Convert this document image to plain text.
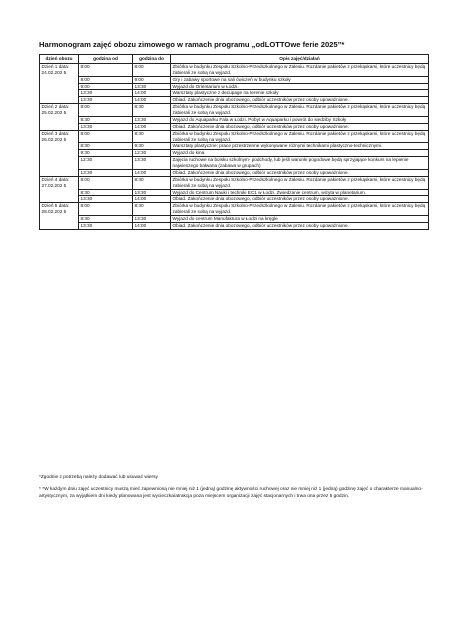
Harmonogram zajęć obozu zimowego w ramach programu „odLOTTOwe ferie 2025”*
dzień obozu	godzina od	godzina do	Opis zajęć/działań
Dzień 1 data: 24.02.202 5	8:00	8:00	Zbiórka w budynku Zespołu Szkolno-Przedszkolnego w Zalesiu. Rozdanie pakietów z przekąskami, które uczestnicy będą zabierali ze sobą na wyjazd.
	8:00	9:00	Gry i zabawy sportowe na sali ćwiczeń w budynku szkoły
	9:00	13:30	Wyjazd do Orientarium w Łodzi.
	13:30	14:00	Warsztaty plastyczne z decupage na terenie szkoły
	13:30	14:00	Obiad. Zakończenie dnia obozowego, odbiór uczestników przez osoby upoważnione.
Dzień 2 data: 25.02.202 5	8:00	8:30	Zbiórka w budynku Zespołu Szkolno-Przedszkolnego w Zalesiu. Rozdanie pakietów z przekąskami, które uczestnicy będą zabierali ze sobą na wyjazd.
	8:30	13:30	Wyjazd do Aquaparku Fala w Łodzi. Pobyt w Aquaparku i powrót do siedziby Szkoły
	13:30	14:00	Obiad. Zakończenie dnia obozowego, odbiór uczestników przez osoby upoważnione.
Dzień 3 data: 26.02.202 5	8:00	8:30	Zbiórka w budynku Zespołu Szkolno-Przedszkolnego w Zalesiu. Rozdanie pakietów z przekąskami, które uczestnicy będą zabierali ze sobą na wyjazd.
	8:30	9:30	Warsztaty plastyczne: prace przestrzenne wykonywane różnymi technikami plastyczno-technicznymi.
	9:30	12:30	Wyjazd do kina.
	12:30	13:30	Zajęcia ruchowe na boisku szkolnym- podchody, lub jeśli warunki pogodowe będą sprzyjające konkurs na lepienie najwieszego bałwana (zabawa w grupach)
	13:30	14:00	Obiad. Zakończenie dnia obozowego, odbiór uczestników przez osoby upoważnione.
Dzień 4 data: 27.02.202 5	8:00	8:30	Zbiórka w budynku Zespołu Szkolno-Przedszkolnego w Zalesiu. Rozdanie pakietów z przekąskami, które uczestnicy będą zabierali ze sobą na wyjazd.
	8:30	13:30	Wyjazd do Centrum Nauki i techniki EC1 w Łodzi. Zwiedzanie centrum, wizyta w planetarium.
	13:30	14:00	Obiad. Zakończenie dnia obozowego, odbiór uczestników przez osoby upoważnione.
Dzień 5 data: 28.02.202 5	8:00	8:30	Zbiórka w budynku Zespołu Szkolno-Przedszkolnego w Zalesiu. Rozdanie pakietów z przekąskami, które uczestnicy będą zabierali ze sobą na wyjazd.
	8:30	13:30	Wyjazd do centrum Manufaktura w Łodzi na kręgle
	13:30	14:00	Obiad. Zakończenie dnia obozowego, odbiór uczestników przez osoby upoważnione.

*Zgodnie z potrzebą należy dodawać lub usuwać wiersy

* *W każdym dniu zajęć uczestnicy muszą mieć zapewnioną nie mniej niż 1 (jedną) godzinę aktywności ruchowej oraz nie mniej niż 1 (jedną) godzinę zajęć o charakterze manualno-artystycznym, za wyjątkiem dni kiedy planowana jest wycieczka/atrakcja poza miejscem organizacji zajęć stacjonarnych i trwa ona przez 5 godzin.
